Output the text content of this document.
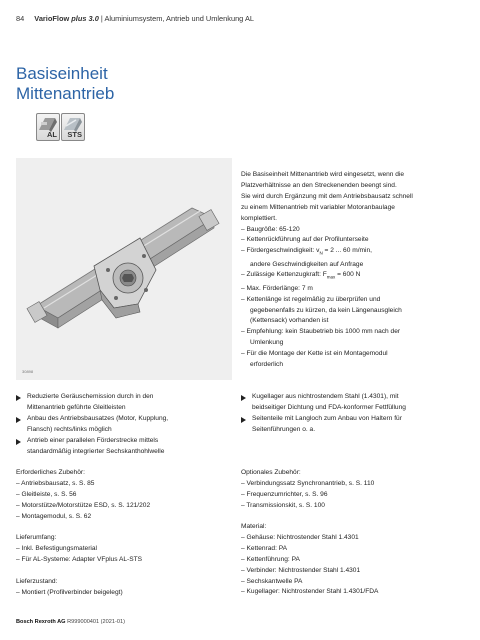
84 VarioFlow plus 3.0 | Aluminiumsystem, Antrieb und Umlenkung AL
Basiseinheit
Mittenantrieb
AL STS
30898
Die Basiseinheit Mittenantrieb wird eingesetzt, wenn die
Platzverhältnisse an den Streckenenden beengt sind.
Sie wird durch Ergänzung mit dem Antriebsbausatz schnell
zu einem Mittenantrieb mit variabler Motoranbaulage
komplettiert.
– Baugröße: 65-120
– Kettenrückführung auf der Profilunterseite
– Fördergeschwindigkeit: $v_N = 2$ ... 60 m/min,
andere Geschwindigkeiten auf Anfrage
– Zulässige Kettenzugkraft: $F_{max} = 600$ N
– Max. Förderlänge: 7 m
– Kettenlänge ist regelmäßig zu überprüfen und
gegebenenfalls zu kürzen, da kein Längenausgleich
(Kettensack) vorhanden ist
– Empfehlung: kein Staubetrieb bis 1000 mm nach der
Umlenkung
– Für die Montage der Kette ist ein Montagemodul
erforderlich
Reduzierte Geräuschemission durch in den
Mittenantrieb geführte Gleitleisten
Anbau des Antriebsbausatzes (Motor, Kupplung,
Flansch) rechts/links möglich
Antrieb einer parallelen Förderstrecke mittels
standardmäßig integrierter Sechskanthohlwelle
Kugellager aus nichtrostendem Stahl (1.4301), mit
beidseitiger Dichtung und FDA-konformer Fettfüllung
Seitenteile mit Langloch zum Anbau von Haltern für
Seitenführungen o. a.
Erforderliches Zubehör:
– Antriebsbausatz, s. S. 85
– Gleitleiste, s. S. 56
– Motorstütze/Motorstütze ESD, s. S. 121/202
– Montagemodul, s. S. 62
Lieferumfang:
– Inkl. Befestigungsmaterial
– Für AL-Systeme: Adapter VFplus AL-STS
Lieferzustand:
– Montiert (Profilverbinder beigelegt)
Optionales Zubehör:
– Verbindungssatz Synchronantrieb, s. S. 110
– Frequenzumrichter, s. S. 96
– Transmissionskit, s. S. 100
Material:
– Gehäuse: Nichtrostender Stahl 1.4301
– Kettenrad: PA
– Kettenführung: PA
– Verbinder: Nichtrostender Stahl 1.4301
– Sechskantwelle PA
– Kugellager: Nichtrostender Stahl 1.4301/FDA
Bosch Rexroth AG R999000401 (2021-01)
